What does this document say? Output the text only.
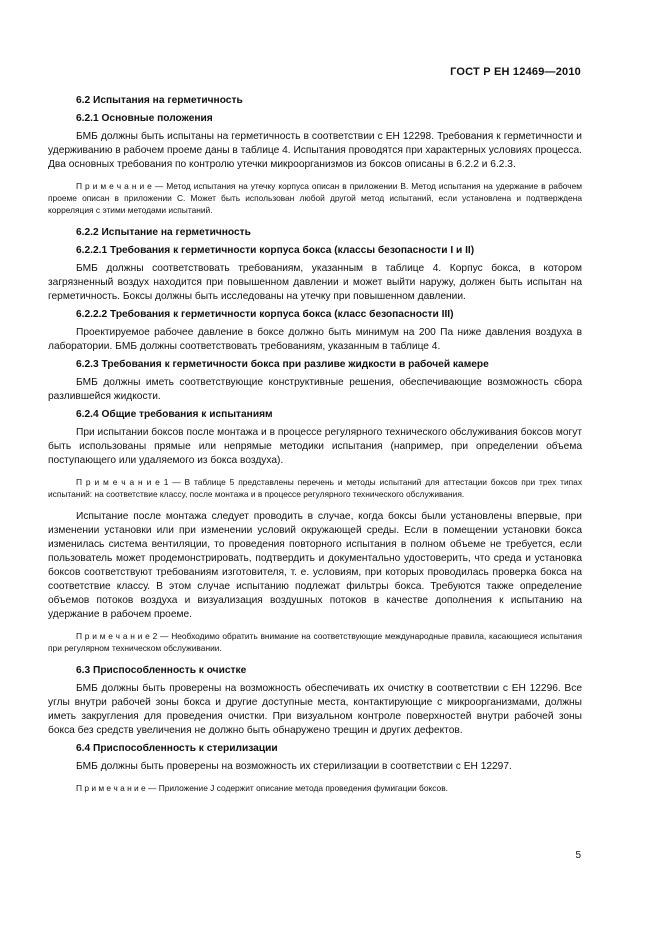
ГОСТ Р ЕН 12469—2010
6.2 Испытания на герметичность
6.2.1 Основные положения
БМБ должны быть испытаны на герметичность в соответствии с ЕН 12298. Требования к герметичности и удерживанию в рабочем проеме даны в таблице 4. Испытания проводятся при характерных условиях процесса. Два основных требования по контролю утечки микроорганизмов из боксов описаны в 6.2.2 и 6.2.3.
П р и м е ч а н и е — Метод испытания на утечку корпуса описан в приложении В. Метод испытания на удержание в рабочем проеме описан в приложении С. Может быть использован любой другой метод испытаний, если установлена и подтверждена корреляция с этими методами испытаний.
6.2.2 Испытание на герметичность
6.2.2.1 Требования к герметичности корпуса бокса (классы безопасности I и II)
БМБ должны соответствовать требованиям, указанным в таблице 4. Корпус бокса, в котором загрязненный воздух находится при повышенном давлении и может выйти наружу, должен быть испытан на герметичность. Боксы должны быть исследованы на утечку при повышенном давлении.
6.2.2.2 Требования к герметичности корпуса бокса (класс безопасности III)
Проектируемое рабочее давление в боксе должно быть минимум на 200 Па ниже давления воздуха в лаборатории. БМБ должны соответствовать требованиям, указанным в таблице 4.
6.2.3 Требования к герметичности бокса при разливе жидкости в рабочей камере
БМБ должны иметь соответствующие конструктивные решения, обеспечивающие возможность сбора разлившейся жидкости.
6.2.4 Общие требования к испытаниям
При испытании боксов после монтажа и в процессе регулярного технического обслуживания боксов могут быть использованы прямые или непрямые методики испытания (например, при определении объема поступающего или удаляемого из бокса воздуха).
П р и м е ч а н и е 1 — В таблице 5 представлены перечень и методы испытаний для аттестации боксов при трех типах испытаний: на соответствие классу, после монтажа и в процессе регулярного технического обслуживания.
Испытание после монтажа следует проводить в случае, когда боксы были установлены впервые, при изменении установки или при изменении условий окружающей среды. Если в помещении установки бокса изменилась система вентиляции, то проведения повторного испытания в полном объеме не требуется, если пользователь может продемонстрировать, подтвердить и документально удостоверить, что среда и установка боксов соответствуют требованиям изготовителя, т. е. условиям, при которых проводилась проверка бокса на соответствие классу. В этом случае испытанию подлежат фильтры бокса. Требуются также определение объемов потоков воздуха и визуализация воздушных потоков в качестве дополнения к испытанию на удержание в рабочем проеме.
П р и м е ч а н и е 2 — Необходимо обратить внимание на соответствующие международные правила, касающиеся испытания при регулярном техническом обслуживании.
6.3 Приспособленность к очистке
БМБ должны быть проверены на возможность обеспечивать их очистку в соответствии с ЕН 12296. Все углы внутри рабочей зоны бокса и другие доступные места, контактирующие с микроорганизмами, должны иметь закругления для проведения очистки. При визуальном контроле поверхностей внутри рабочей зоны бокса без средств увеличения не должно быть обнаружено трещин и других дефектов.
6.4 Приспособленность к стерилизации
БМБ должны быть проверены на возможность их стерилизации в соответствии с ЕН 12297.
П р и м е ч а н и е — Приложение J содержит описание метода проведения фумигации боксов.
5
